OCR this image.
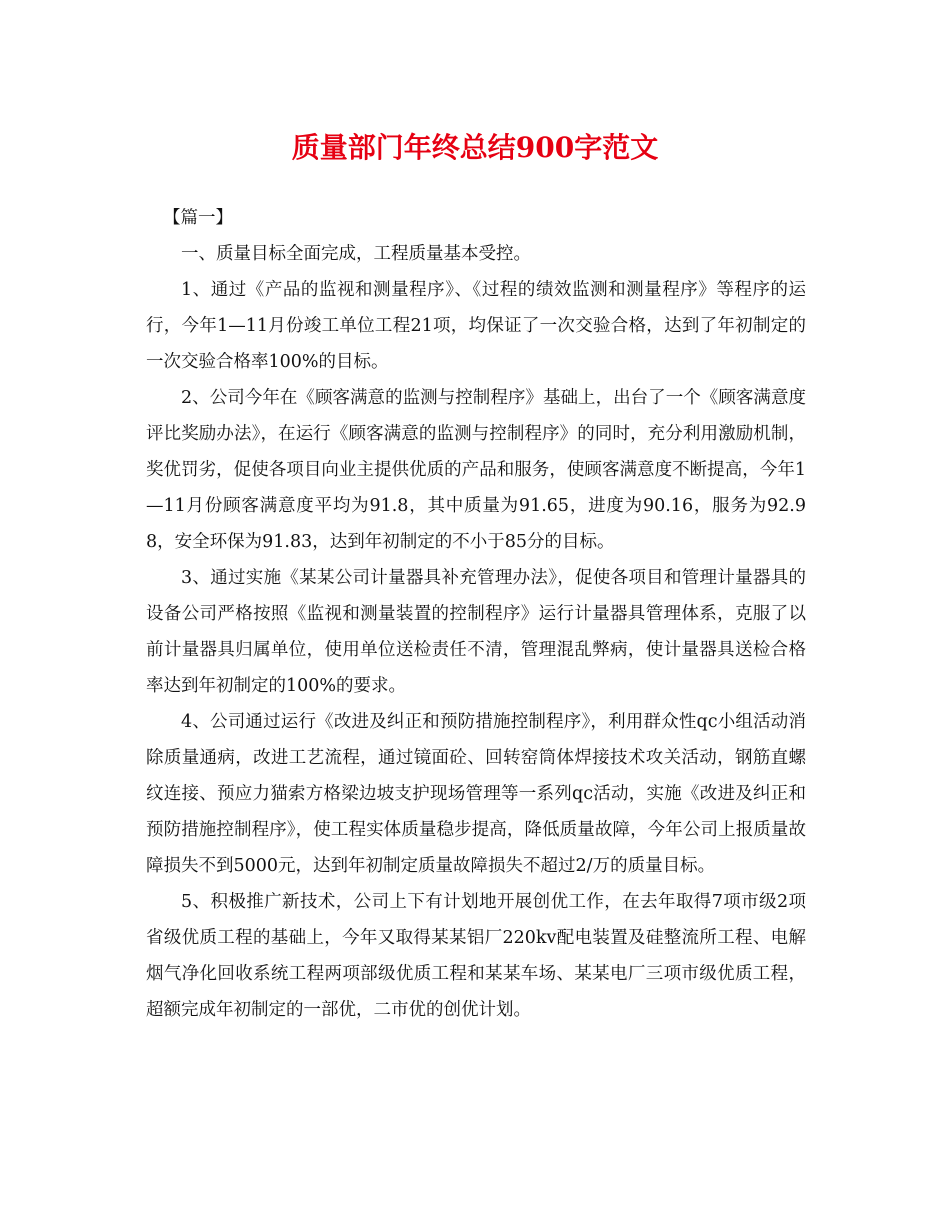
质量部门年终总结900字范文

【篇一】

一、质量目标全面完成，工程质量基本受控。

1、通过《产品的监视和测量程序》、《过程的绩效监测和测量程序》等程序的运行，今年1—11月份竣工单位工程21项，均保证了一次交验合格，达到了年初制定的一次交验合格率100%的目标。

2、公司今年在《顾客满意的监测与控制程序》基础上，出台了一个《顾客满意度评比奖励办法》，在运行《顾客满意的监测与控制程序》的同时，充分利用激励机制，奖优罚劣，促使各项目向业主提供优质的产品和服务，使顾客满意度不断提高，今年1—11月份顾客满意度平均为91.8，其中质量为91.65，进度为90.16，服务为92.98，安全环保为91.83，达到年初制定的不小于85分的目标。

3、通过实施《某某公司计量器具补充管理办法》，促使各项目和管理计量器具的设备公司严格按照《监视和测量装置的控制程序》运行计量器具管理体系，克服了以前计量器具归属单位，使用单位送检责任不清，管理混乱弊病，使计量器具送检合格率达到年初制定的100%的要求。

4、公司通过运行《改进及纠正和预防措施控制程序》，利用群众性qc小组活动消除质量通病，改进工艺流程，通过镜面砼、回转窑筒体焊接技术攻关活动，钢筋直螺纹连接、预应力猫索方格梁边坡支护现场管理等一系列qc活动，实施《改进及纠正和预防措施控制程序》，使工程实体质量稳步提高，降低质量故障，今年公司上报质量故障损失不到5000元，达到年初制定质量故障损失不超过2/万的质量目标。

5、积极推广新技术，公司上下有计划地开展创优工作，在去年取得7项市级2项省级优质工程的基础上，今年又取得某某铝厂220kv配电装置及硅整流所工程、电解烟气净化回收系统工程两项部级优质工程和某某车场、某某电厂三项市级优质工程，超额完成年初制定的一部优，二市优的创优计划。
